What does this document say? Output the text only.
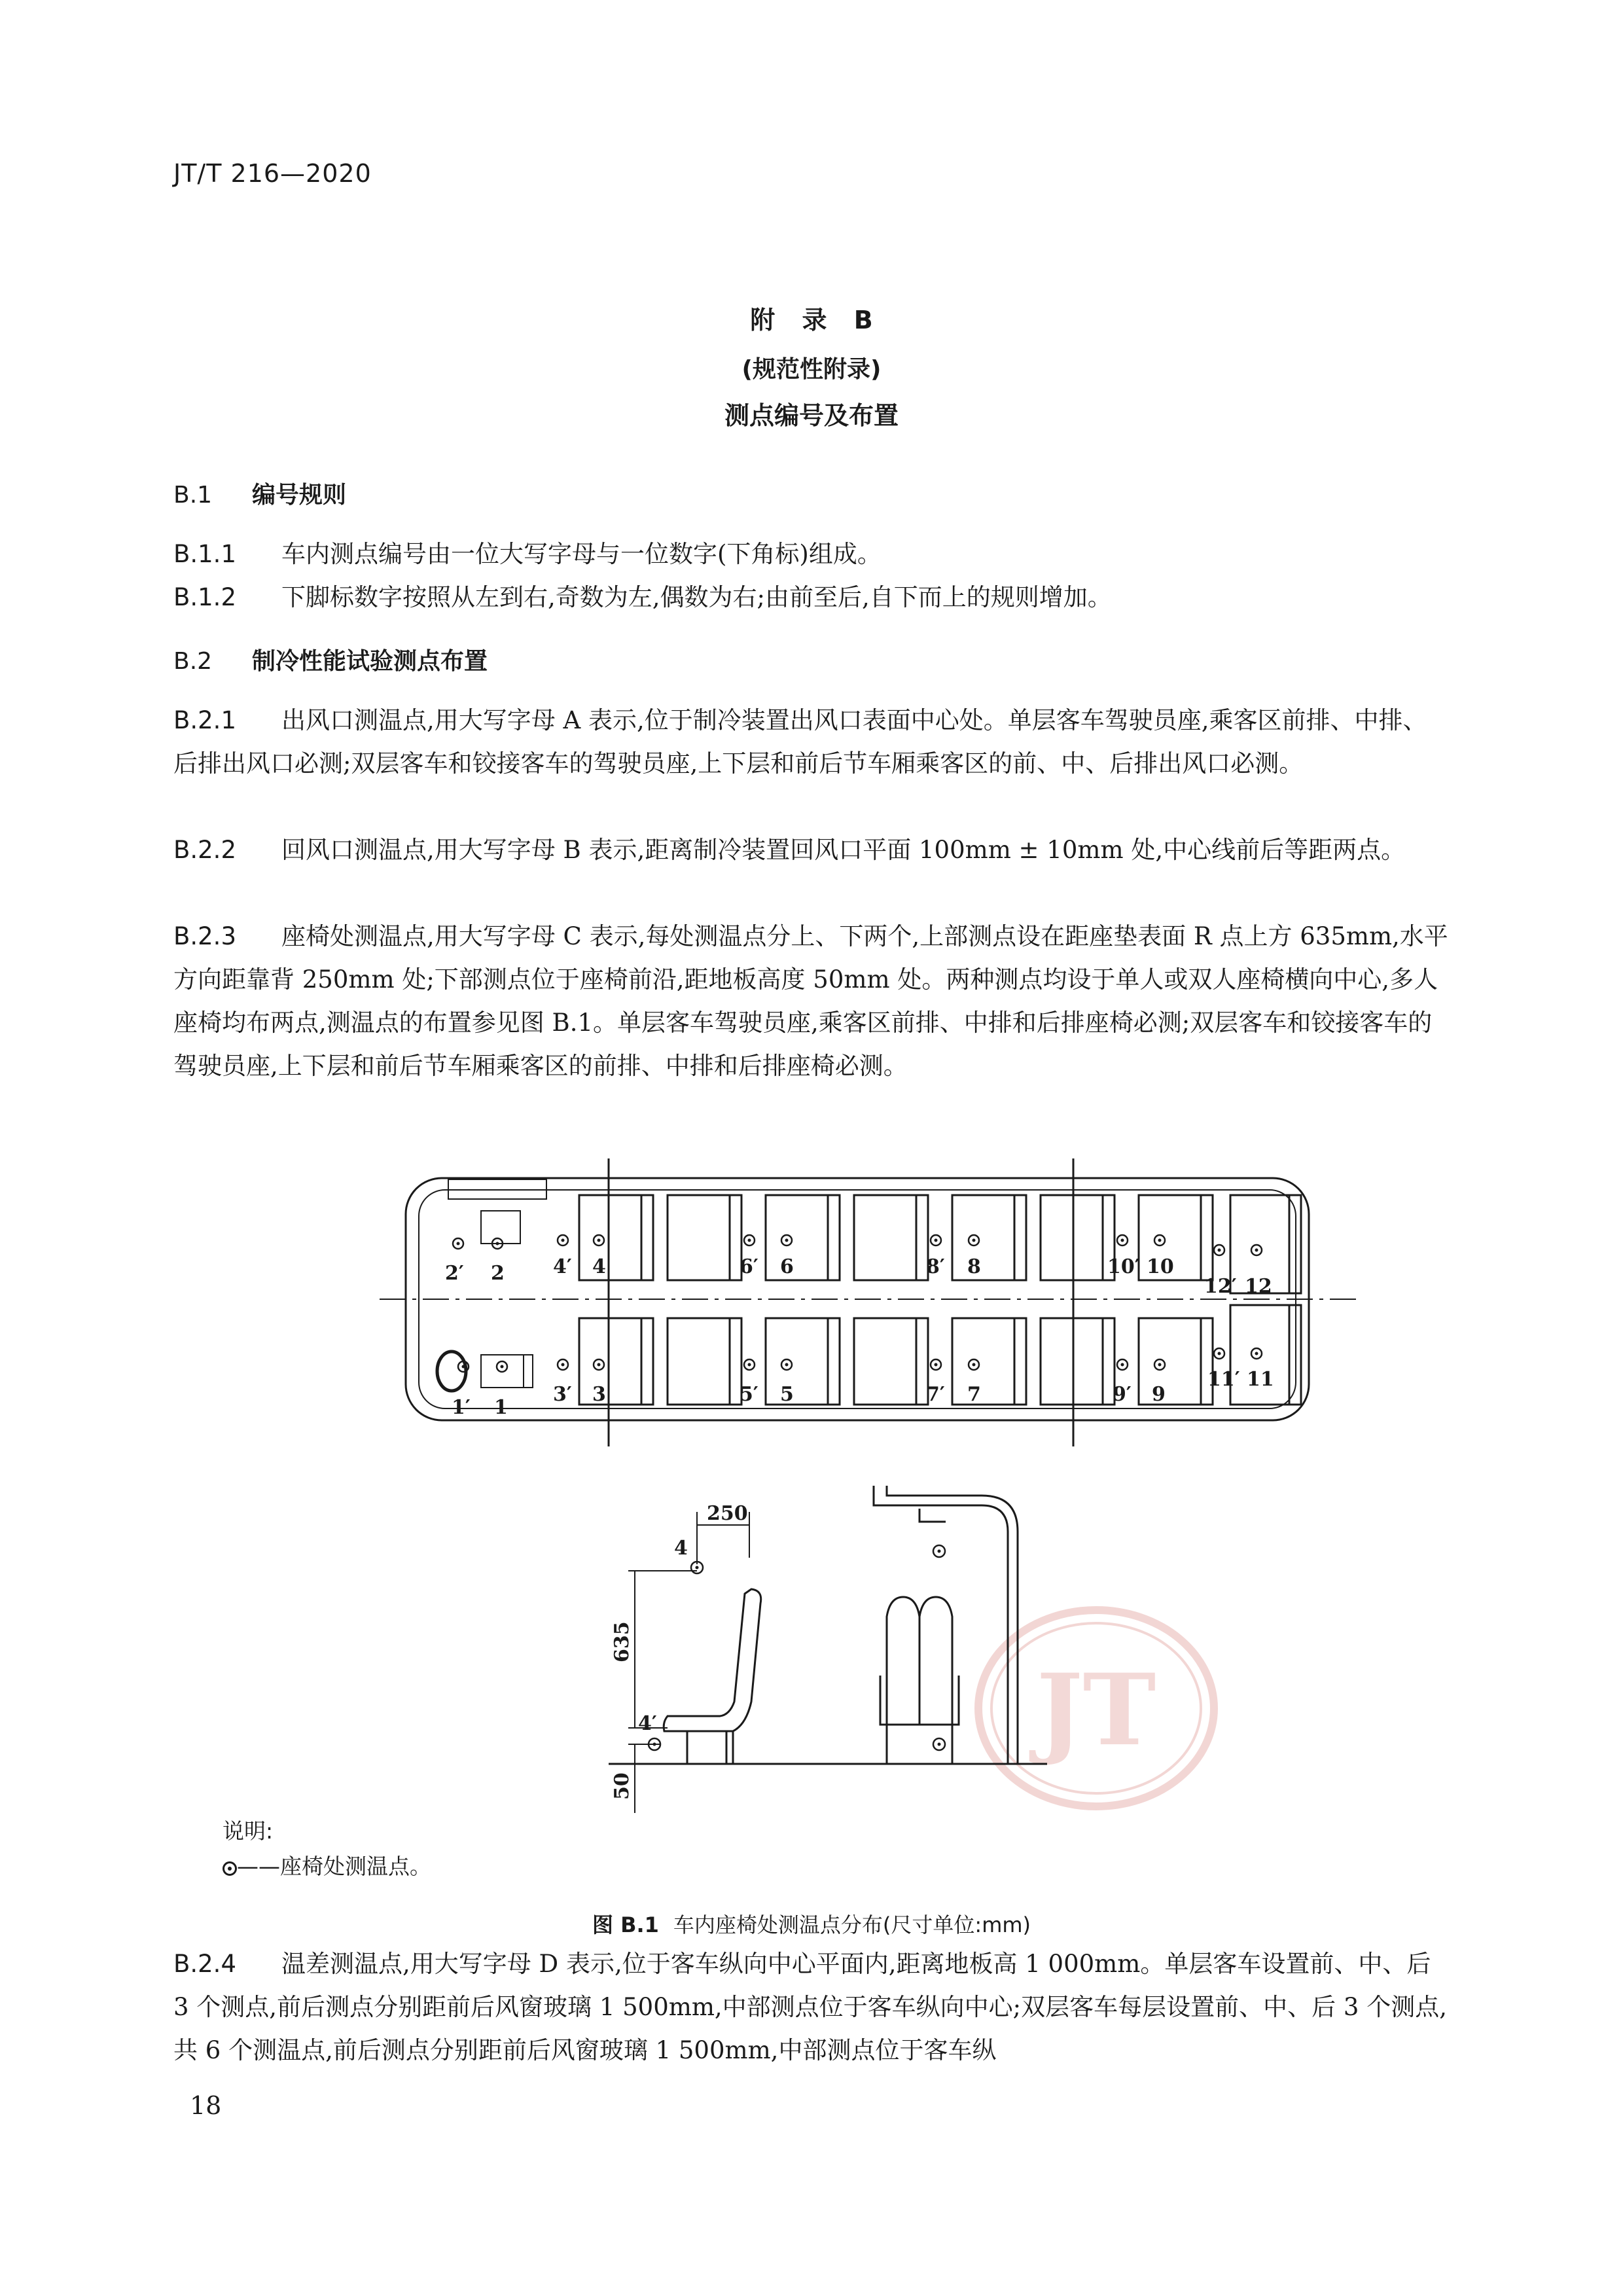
JT/T 216—2020
附 录 B
(规范性附录)
测点编号及布置
B.1 编号规则
B.1.1 车内测点编号由一位大写字母与一位数字(下角标)组成。
B.1.2 下脚标数字按照从左到右,奇数为左,偶数为右;由前至后,自下而上的规则增加。
B.2 制冷性能试验测点布置
B.2.1 出风口测温点,用大写字母 A 表示,位于制冷装置出风口表面中心处。单层客车驾驶员座,乘客区前排、中排、后排出风口必测;双层客车和铰接客车的驾驶员座,上下层和前后节车厢乘客区的前、中、后排出风口必测。
B.2.2 回风口测温点,用大写字母 B 表示,距离制冷装置回风口平面 100mm ± 10mm 处,中心线前后等距两点。
B.2.3 座椅处测温点,用大写字母 C 表示,每处测温点分上、下两个,上部测点设在距座垫表面 R 点上方 635mm,水平方向距靠背 250mm 处;下部测点位于座椅前沿,距地板高度 50mm 处。两种测点均设于单人或双人座椅横向中心,多人座椅均布两点,测温点的布置参见图 B.1。单层客车驾驶员座,乘客区前排、中排和后排座椅必测;双层客车和铰接客车的驾驶员座,上下层和前后节车厢乘客区的前排、中排和后排座椅必测。
2′ 2 4′ 4	6′ 6	8′ 8	10′ 10
12′ 12
1′ 1
3′ 3	5′ 5	7′ 7	9′ 9
11′ 11
JT
250
4
4′
635
50
说明:
——座椅处测温点。
图 B.1 车内座椅处测温点分布(尺寸单位:mm)
B.2.4 温差测温点,用大写字母 D 表示,位于客车纵向中心平面内,距离地板高 1 000mm。单层客车设置前、中、后 3 个测点,前后测点分别距前后风窗玻璃 1 500mm,中部测点位于客车纵向中心;双层客车每层设置前、中、后 3 个测点,共 6 个测温点,前后测点分别距前后风窗玻璃 1 500mm,中部测点位于客车纵
18
